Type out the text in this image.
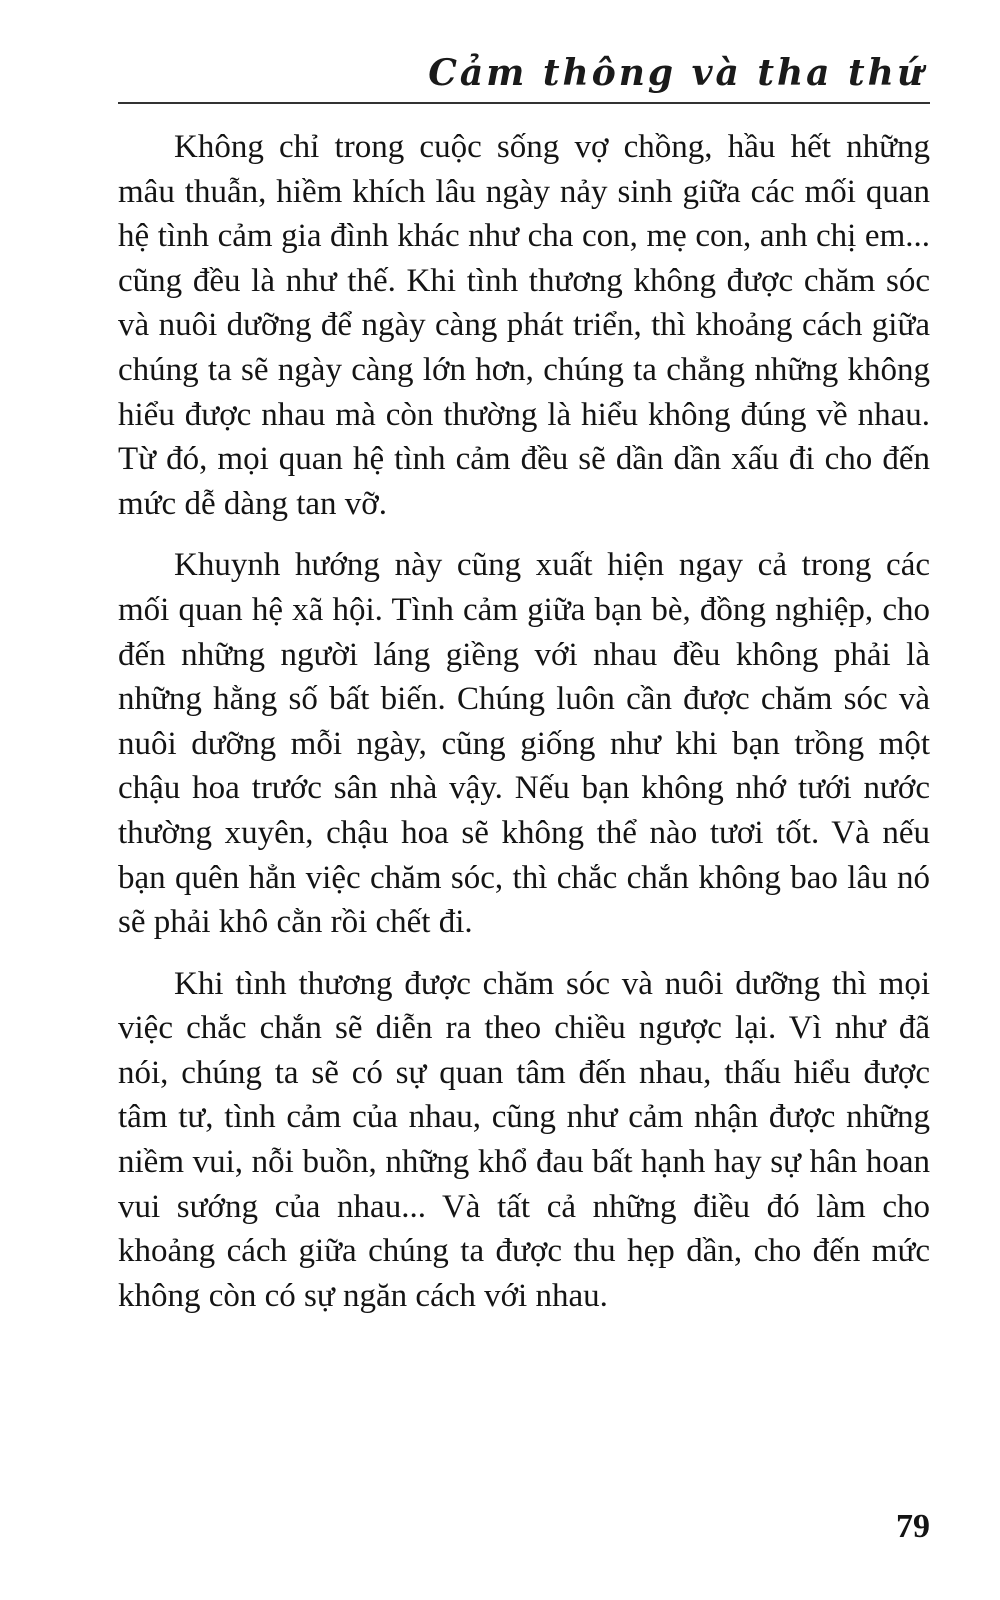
Cảm thông và tha thứ

Không chỉ trong cuộc sống vợ chồng, hầu hết những mâu thuẫn, hiềm khích lâu ngày nảy sinh giữa các mối quan hệ tình cảm gia đình khác như cha con, mẹ con, anh chị em... cũng đều là như thế. Khi tình thương không được chăm sóc và nuôi dưỡng để ngày càng phát triển, thì khoảng cách giữa chúng ta sẽ ngày càng lớn hơn, chúng ta chẳng những không hiểu được nhau mà còn thường là hiểu không đúng về nhau. Từ đó, mọi quan hệ tình cảm đều sẽ dần dần xấu đi cho đến mức dễ dàng tan vỡ.

Khuynh hướng này cũng xuất hiện ngay cả trong các mối quan hệ xã hội. Tình cảm giữa bạn bè, đồng nghiệp, cho đến những người láng giềng với nhau đều không phải là những hằng số bất biến. Chúng luôn cần được chăm sóc và nuôi dưỡng mỗi ngày, cũng giống như khi bạn trồng một chậu hoa trước sân nhà vậy. Nếu bạn không nhớ tưới nước thường xuyên, chậu hoa sẽ không thể nào tươi tốt. Và nếu bạn quên hẳn việc chăm sóc, thì chắc chắn không bao lâu nó sẽ phải khô cằn rồi chết đi.

Khi tình thương được chăm sóc và nuôi dưỡng thì mọi việc chắc chắn sẽ diễn ra theo chiều ngược lại. Vì như đã nói, chúng ta sẽ có sự quan tâm đến nhau, thấu hiểu được tâm tư, tình cảm của nhau, cũng như cảm nhận được những niềm vui, nỗi buồn, những khổ đau bất hạnh hay sự hân hoan vui sướng của nhau... Và tất cả những điều đó làm cho khoảng cách giữa chúng ta được thu hẹp dần, cho đến mức không còn có sự ngăn cách với nhau.

79
